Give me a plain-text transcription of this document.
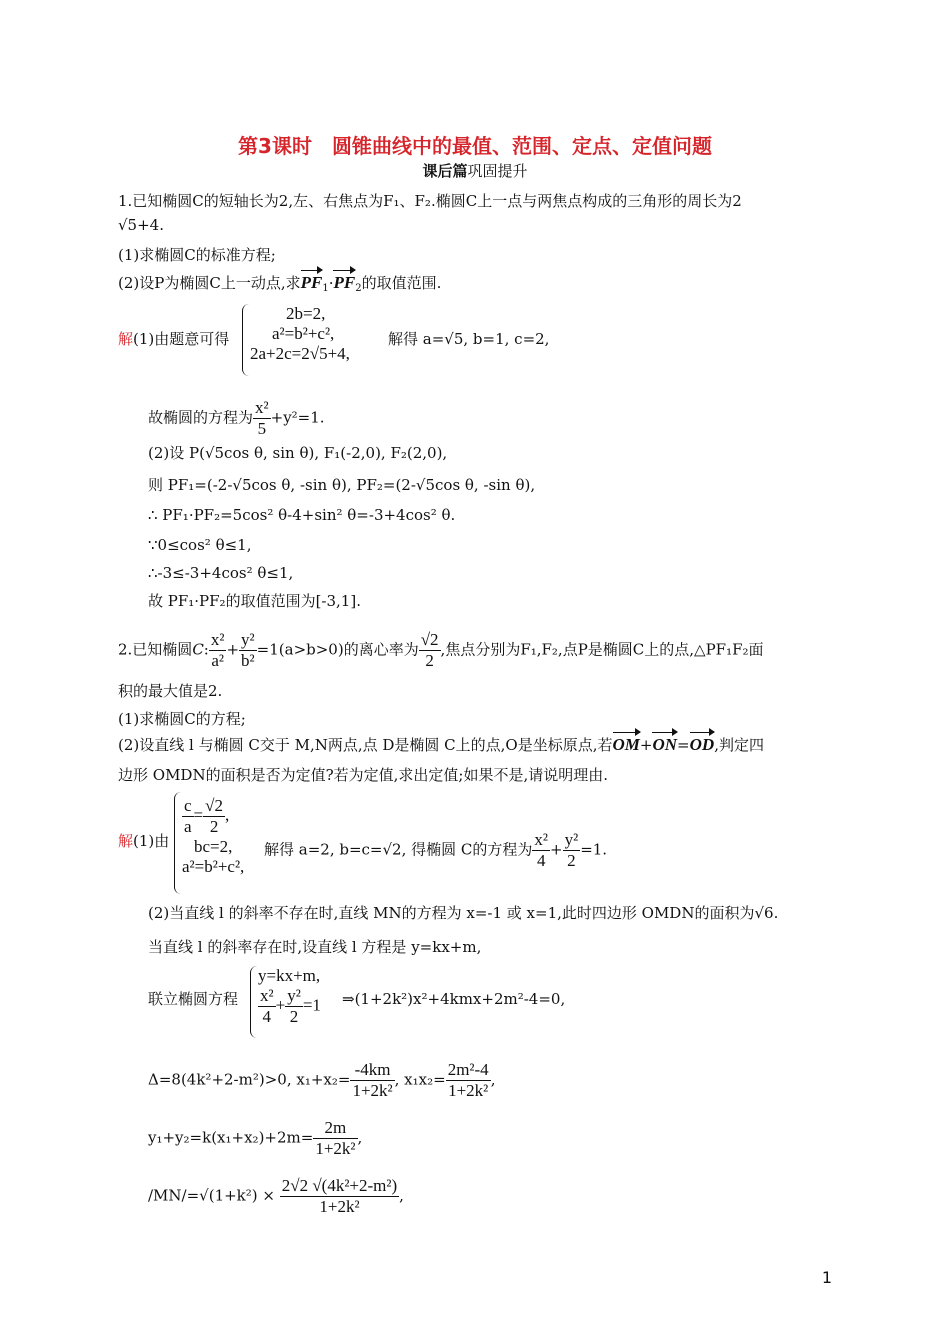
第3课时　圆锥曲线中的最值、范围、定点、定值问题
课后篇巩固提升
1.已知椭圆C的短轴长为2,左、右焦点为F₁、F₂.椭圆C上一点与两焦点构成的三角形的周长为2
√5+4.
(1)求椭圆C的标准方程;
(2)设P为椭圆C上一动点,求$PF_1\cdot PF_2$的取值范围.
解(1)由题意可得
2b=2,
a²=b²+c²,
2a+2c=2√5+4,
解得 a=√5, b=1, c=2,
故椭圆的方程为 $\frac{\text{x²}}{5} +y^2=1$.
(2)设 P(√5cos θ, sin θ), F₁(-2,0), F₂(2,0),
则 PF₁=(-2-√5cos θ, -sin θ), PF₂=(2-√5cos θ, -sin θ),
∴ PF₁·PF₂=5cos² θ-4+sin² θ=-3+4cos² θ.
∵0≤cos² θ≤1,
∴-3≤-3+4cos² θ≤1,
故 PF₁·PF₂的取值范围为[-3,1].
2.已知椭圆C: $\frac{\text{x²}}{\text{a²}} + \frac{\text{y²}}{\text{b²}} =1(a>b>0)$的离心率为 $\frac{√2}{2}$ ,焦点分别为F₁,F₂,点P是椭圆C上的点,△PF₁F₂面
积的最大值是2.
(1)求椭圆C的方程;
(2)设直线 l 与椭圆 C交于 M,N两点,点 D是椭圆 C上的点,O是坐标原点,若OM+ON=OD,判定四
边形 OMDN的面积是否为定值?若为定值,求出定值;如果不是,请说明理由.
解(1)由
$\frac{c}{a} = \frac{√2}{2}$ ,
bc=2,
a²=b²+c²,
解得 a=2, b=c=√2, 得椭圆 C的方程为 $\frac{\text{x²}}{4} + \frac{\text{y²}}{2} =1$.
(2)当直线 l 的斜率不存在时,直线 MN的方程为 x=-1 或 x=1,此时四边形 OMDN的面积为√6.
当直线 l 的斜率存在时,设直线 l 方程是 y=kx+m,
联立椭圆方程
y=kx+m,
$\frac{\text{x²}}{4} + \frac{\text{y²}}{2} =1$ ⇒(1+2k²)x²+4kmx+2m²-4=0,
Δ=8(4k²+2-m²)>0, $x_1+x_2= \frac{-4km}{\text{1+2k²}}$ , $x_1x_2= \frac{\text{2m²-4}}{\text{1+2k²}}$ ,
$y_1+y_2=k(x_1+x_2)+2m= \frac{2m}{\text{1+2k²}}$ ,
$/MN/=√(1+k^2) \times \frac{\text{2√2 √(4k²+2-m²)}}{\text{1+2k²}}$ ,
1
